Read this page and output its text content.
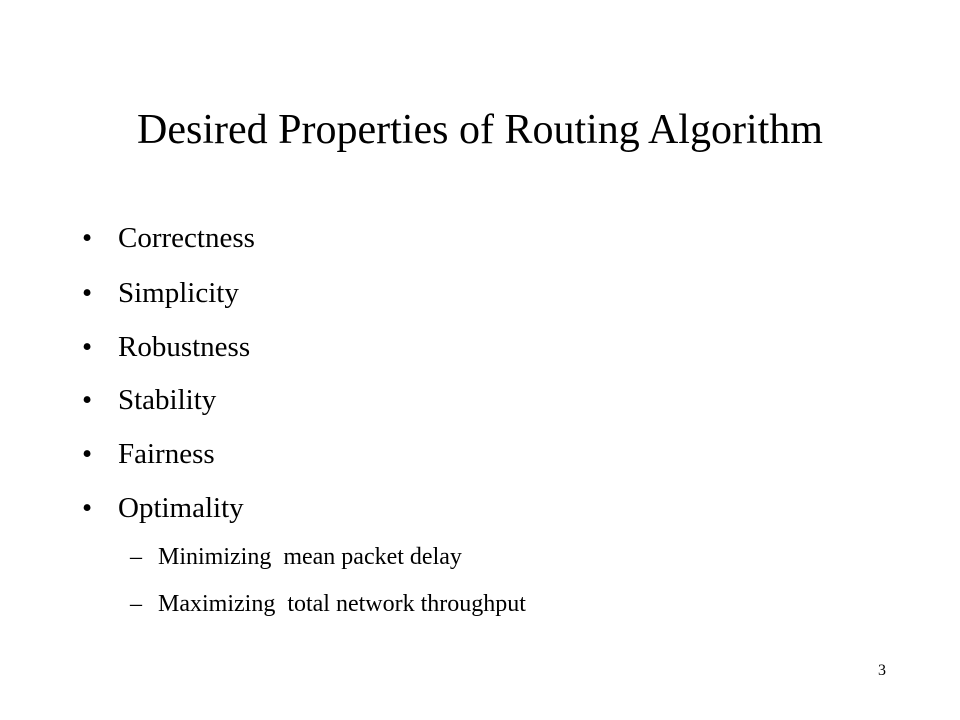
Desired Properties of Routing Algorithm
• Correctness
• Simplicity
• Robustness
• Stability
• Fairness
• Optimality
– Minimizing  mean packet delay
– Maximizing  total network throughput
3
